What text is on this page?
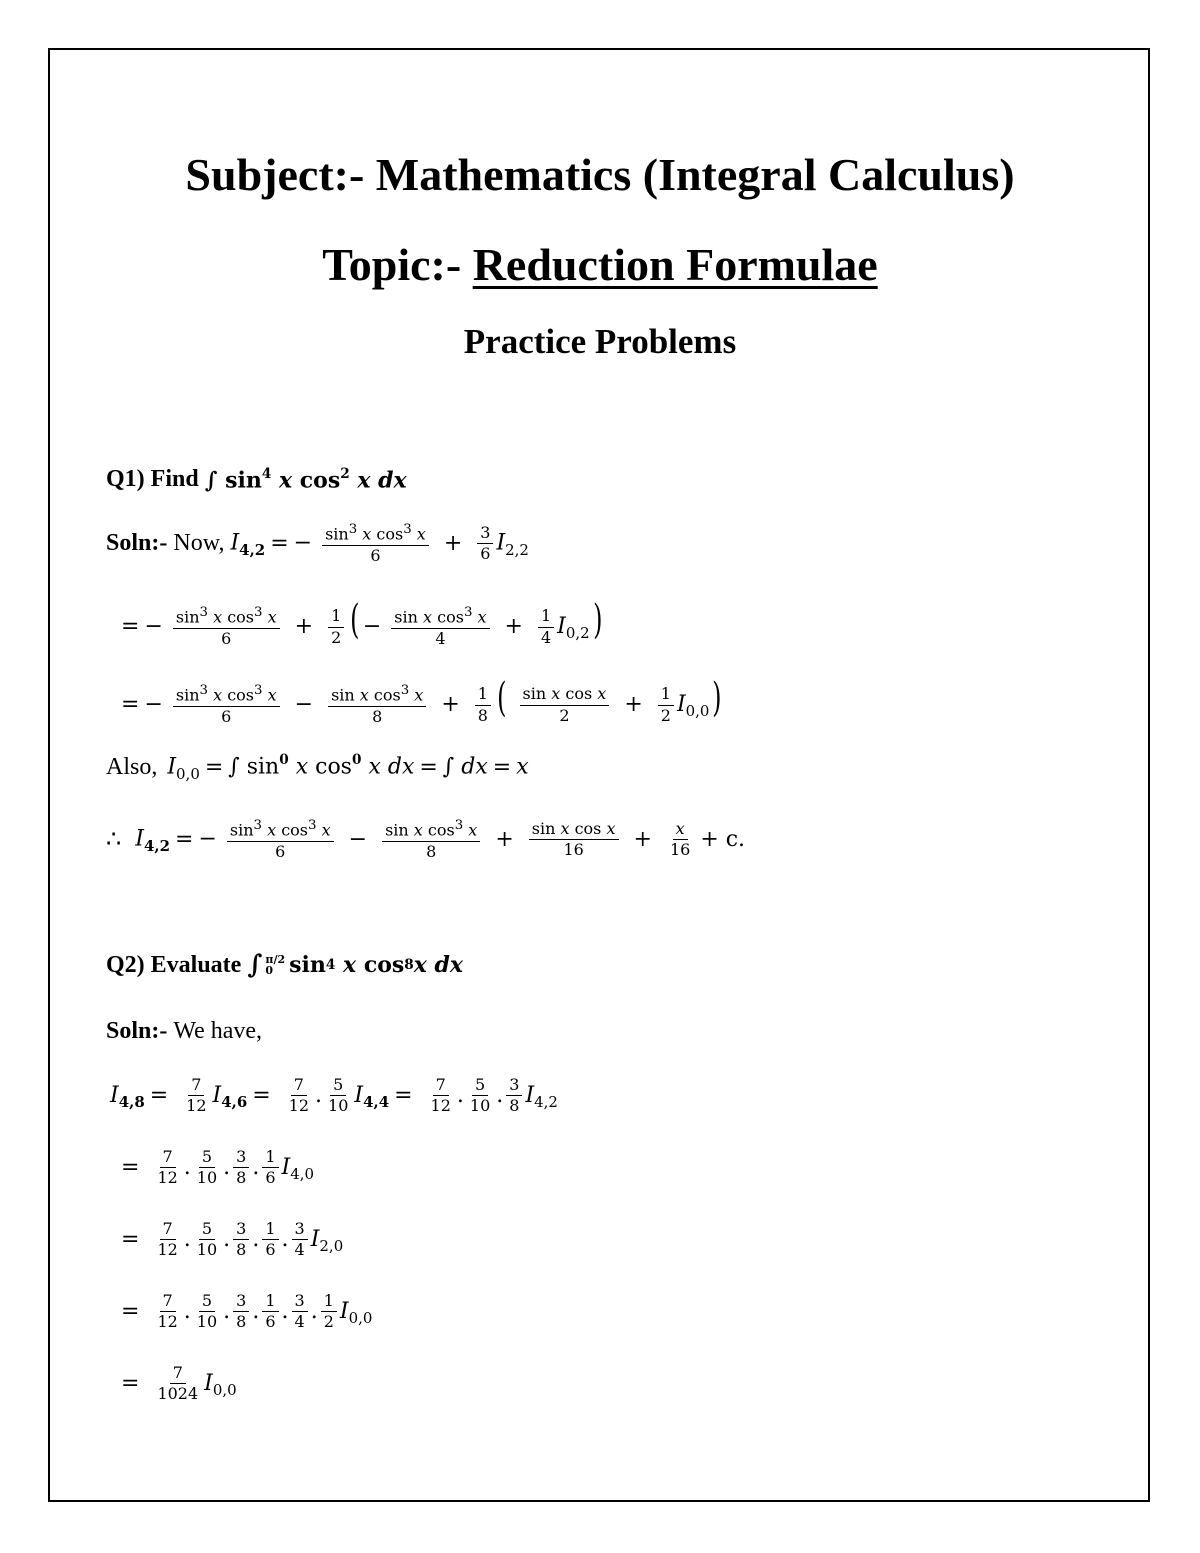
Subject:- Mathematics (Integral Calculus)
Topic:- Reduction Formulae
Practice Problems
Q1) Find ∫ $\sin^4 x$ $\cos^2 x$ dx
Soln:- Now, $I_{4,2}$ = − $\frac{\sin^3 x \cos^3 x}{6} + \frac{3}{6} I_{2,2}$
= − $\frac{\sin^3 x \cos^3 x}{6} + \frac{1}{2}$ ( − $\frac{\sin x \cos^3 x}{4} + \frac{1}{4} I_{0,2}$)
= − $\frac{\sin^3 x \cos^3 x}{6} - \frac{\sin x \cos^3 x}{8} + \frac{1}{8}$ ( $\frac{\text{sin x cos x}}{2} + \frac{1}{2} I_{0,0}$)
Also, $I_{0,0}$ = ∫ $\sin^0 x$ $\cos^0 x$ dx = ∫ dx = x
∴ $I_{4,2}$ = − $\frac{\sin^3 x \cos^3 x}{6} - \frac{\sin x \cos^3 x}{8} + \frac{\text{sin x cos x}}{16} + \frac{x}{16} + c$.
Q2) Evaluate ∫ π/2
0 sin 4
x cos 8 x dx
Soln:- We have,
$I_{4,8} = \frac{7}{12} I_{4,6} = \frac{7}{12}$ . $\frac{5}{10} I_{4,4} = \frac{7}{12}$ . $\frac{5}{10}$ . $\frac{3}{8} I_{4,2}$
= $\frac{7}{12}$ . $\frac{5}{10}$ . $\frac{3}{8}$ . $\frac{1}{6} I_{4,0}$
= $\frac{7}{12}$ . $\frac{5}{10}$ . $\frac{3}{8}$ . $\frac{1}{6}$ . $\frac{3}{4} I_{2,0}$
= $\frac{7}{12}$ . $\frac{5}{10}$ . $\frac{3}{8}$ . $\frac{1}{6}$ . $\frac{3}{4}$ . $\frac{1}{2} I_{0,0}$
= $\frac{7}{1024} I_{0,0}$
